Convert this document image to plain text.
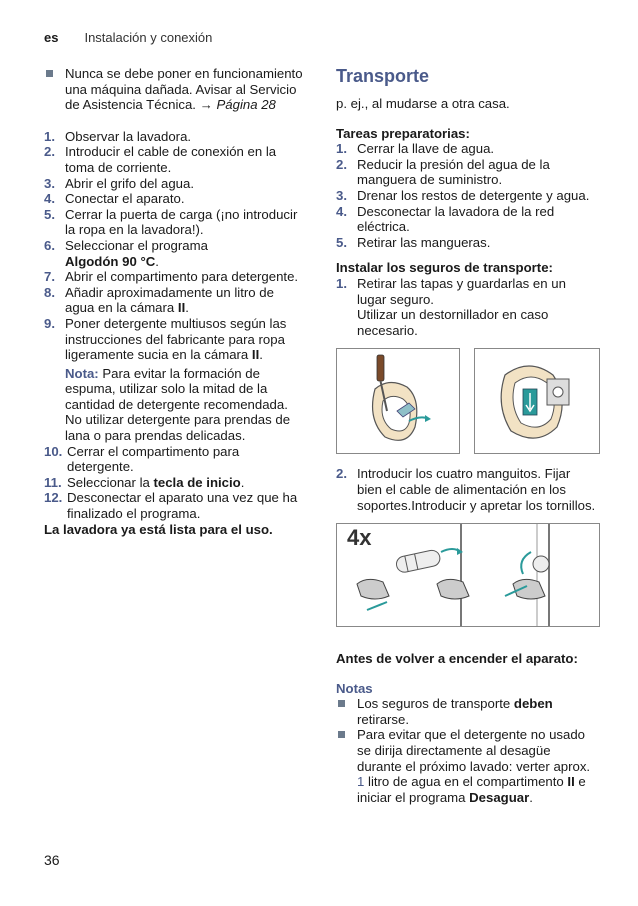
es Instalación y conexión
Nunca se debe poner en funcionamiento una máquina dañada. Avisar al Servicio de Asistencia Técnica. → Página 28
1. Observar la lavadora.
2. Introducir el cable de conexión en la toma de corriente.
3. Abrir el grifo del agua.
4. Conectar el aparato.
5. Cerrar la puerta de carga (¡no introducir la ropa en la lavadora!).
6. Seleccionar el programa
Algodón 90 °C.
7. Abrir el compartimento para detergente.
8. Añadir aproximadamente un litro de agua en la cámara II.
9. Poner detergente multiusos según las instrucciones del fabricante para ropa ligeramente sucia en la cámara II.
Nota: Para evitar la formación de espuma, utilizar solo la mitad de la cantidad de detergente recomendada. No utilizar detergente para prendas de lana o para prendas delicadas.
10. Cerrar el compartimento para detergente.
11. Seleccionar la tecla de inicio.
12. Desconectar el aparato una vez que ha finalizado el programa.
La lavadora ya está lista para el uso.
Transporte
p. ej., al mudarse a otra casa.
Tareas preparatorias:
1. Cerrar la llave de agua.
2. Reducir la presión del agua de la manguera de suministro.
3. Drenar los restos de detergente y agua.
4. Desconectar la lavadora de la red eléctrica.
5. Retirar las mangueras.
Instalar los seguros de transporte:
1. Retirar las tapas y guardarlas en un lugar seguro.
Utilizar un destornillador en caso necesario.
2. Introducir los cuatro manguitos. Fijar bien el cable de alimentación en los soportes.Introducir y apretar los tornillos.
4x
Antes de volver a encender el aparato:
Notas
Los seguros de transporte deben retirarse.
Para evitar que el detergente no usado se dirija directamente al desagüe durante el próximo lavado: verter aprox. 1 litro de agua en el compartimento II e iniciar el programa Desaguar.
36
